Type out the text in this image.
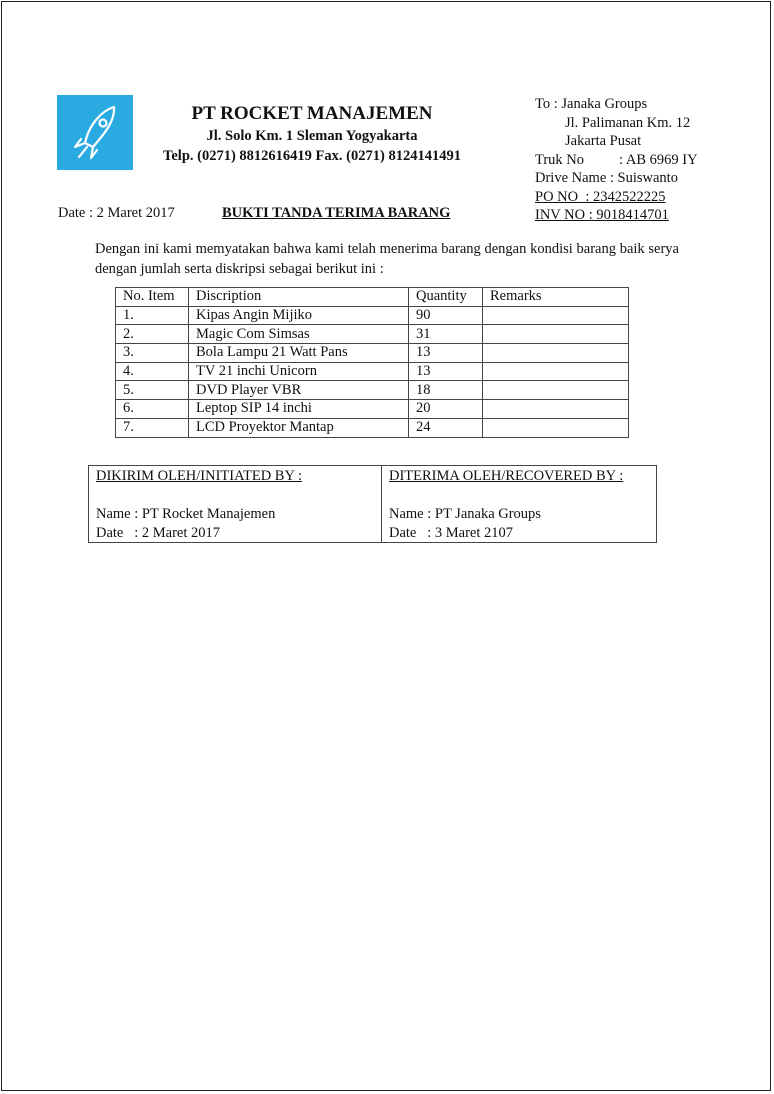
PT ROCKET MANAJEMEN
Jl. Solo Km. 1 Sleman Yogyakarta
Telp. (0271) 8812616419 Fax. (0271) 8124141491
To : Janaka Groups
Jl. Palimanan Km. 12
Jakarta Pusat
Truk No : AB 6969 IY
Drive Name : Suiswanto
PO NO  : 2342522225
INV NO : 9018414701
Date : 2 Maret 2017	BUKTI TANDA TERIMA BARANG
Dengan ini kami memyatakan bahwa kami telah menerima barang dengan kondisi barang baik serya dengan jumlah serta diskripsi sebagai berikut ini :
No. Item	Discription	Quantity	Remarks
1.	Kipas Angin Mijiko	90	
2.	Magic Com Simsas	31	
3.	Bola Lampu 21 Watt Pans	13	
4.	TV 21 inchi Unicorn	13	
5.	DVD Player VBR	18	
6.	Leptop SIP 14 inchi	20	
7.	LCD Proyektor Mantap	24	
DIKIRIM OLEH/INITIATED BY :
Name : PT Rocket Manajemen
Date   : 2 Maret 2017
DITERIMA OLEH/RECOVERED BY :
Name : PT Janaka Groups
Date   : 3 Maret 2107
